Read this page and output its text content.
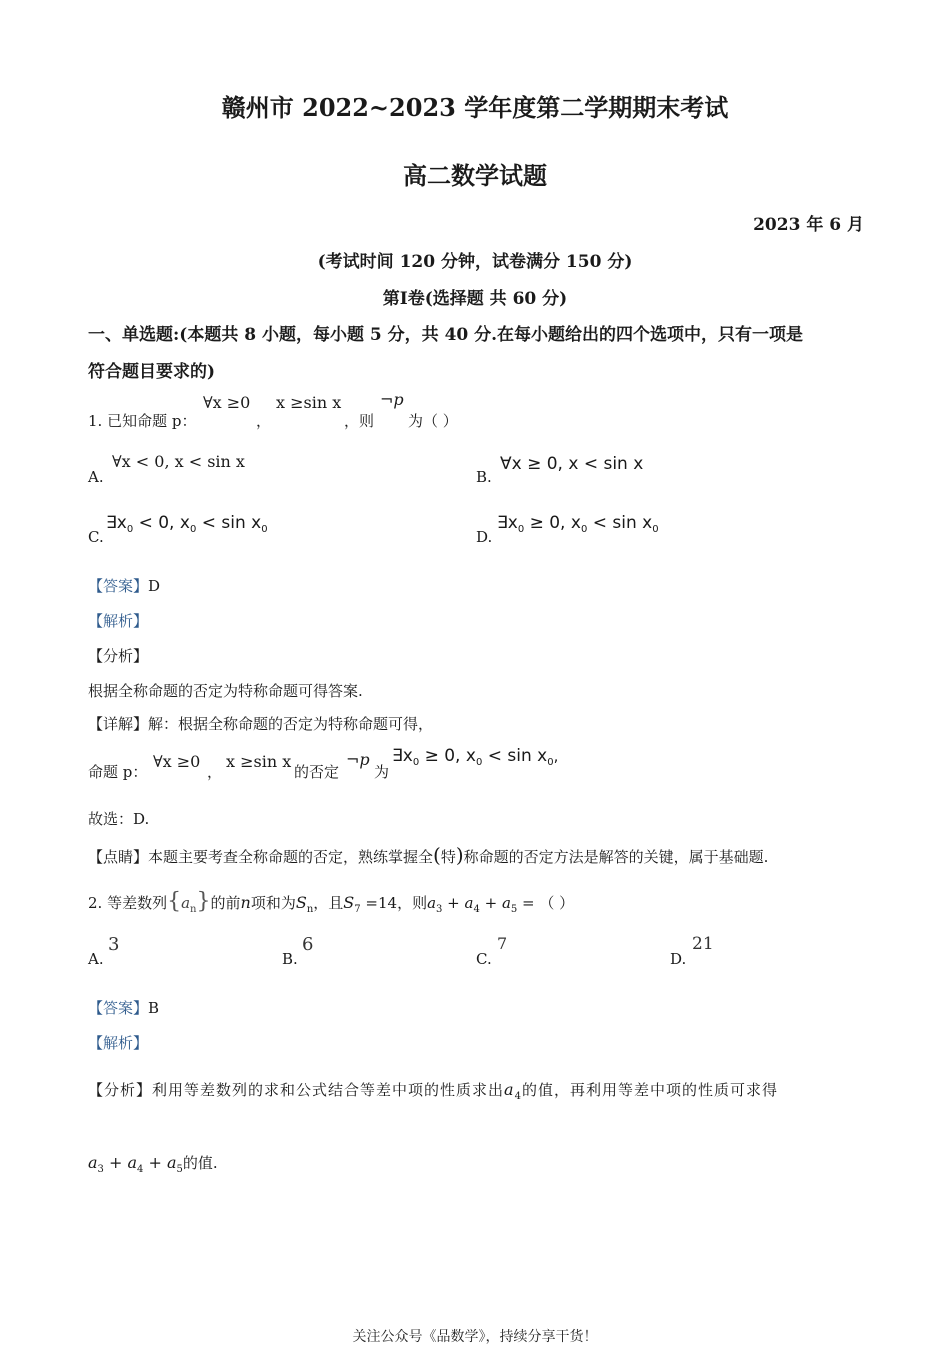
赣州市 2022~2023 学年度第二学期期末考试
高二数学试题
2023 年 6 月
(考试时间 120 分钟，试卷满分 150 分)
第Ⅰ卷(选择题 共 60 分)
一、单选题:(本题共 8 小题，每小题 5 分，共 40 分.在每小题给出的四个选项中，只有一项是
符合题目要求的)
1. 已知命题 p：
∀x ≥0
，
x ≥sin x
，则
¬p
为（ ）
A.
∀x < 0, x < sin x
B.
∀x ≥ 0, x < sin x
C.
$\exists x_0 < 0$, $x_0 < \sin x_0$	D.
$\exists x_0 \ge 0$, $x_0 < \sin x_0$
【答案】D
【解析】
【分析】
根据全称命题的否定为特称命题可得答案.
【详解】解：根据全称命题的否定为特称命题可得，
命题 p：
∀x ≥0
，
x ≥sin x
的否定
¬p
为
$\exists x_0 \ge 0$, $x_0 < \sin x_0$,
故选：D.
【点睛】本题主要考查全称命题的否定，熟练掌握全(特)称命题的否定方法是解答的关键，属于基础题.
2. 等差数列$\{a_n\}$的前n项和为$S_n$，且$S_7 =14$，则$a_3 + a_4 + a_5$ = （ ）
A.
3
B.
6
C.
7
D.
21
【答案】B
【解析】
【分析】利用等差数列的求和公式结合等差中项的性质求出$a_4$的值，再利用等差中项的性质可求得
$a_3 + a_4 + a_5$的值.
关注公众号《品数学》，持续分享干货！
